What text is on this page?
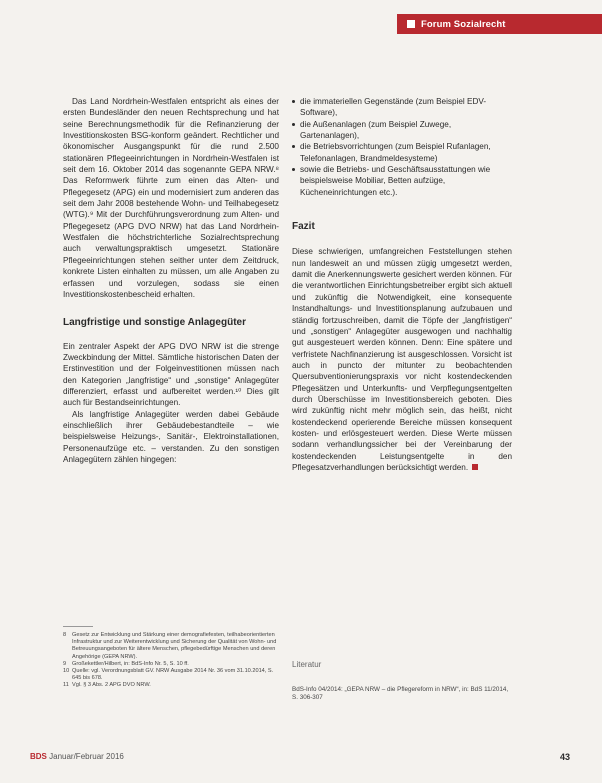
Forum Sozialrecht

Das Land Nordrhein-Westfalen entspricht als eines der ersten Bundesländer den neuen Rechtsprechung und hat seine Berechnungsmethodik für die Refinanzierung der Investitionskosten BSG-konform geändert. Rechtlicher und ökonomischer Ausgangspunkt für die rund 2.500 stationären Pflegeeinrichtungen in Nordrhein-Westfalen ist seit dem 16. Oktober 2014 das sogenannte GEPA NRW.⁸ Das Reformwerk führte zum einen das Alten- und Pflegegesetz (APG) ein und modernisiert zum anderen das seit dem Jahr 2008 bestehende Wohn- und Teilhabegesetz (WTG).⁹ Mit der Durchführungsverordnung zum Alten- und Pflegegesetz (APG DVO NRW) hat das Land Nordrhein-Westfalen die höchstrichterliche Sozialrechtsprechung auch verwaltungspraktisch umgesetzt. Stationäre Pflegeeinrichtungen stehen seither unter dem Zeitdruck, konkrete Listen einhalten zu müssen, um alle Angaben zu erfassen und vorzulegen, sodass sie einen Investitionskostenbescheid erhalten.

Langfristige und sonstige Anlagegüter

Ein zentraler Aspekt der APG DVO NRW ist die strenge Zweckbindung der Mittel. Sämtliche historischen Daten der Erstinvestition und der Folgeinvestitionen müssen nach den Kategorien „langfristige“ und „sonstige“ Anlagegüter differenziert, erfasst und aufbereitet werden.¹⁰ Dies gilt auch für Bestandseinrichtungen.

Als langfristige Anlagegüter werden dabei Gebäude einschließlich ihrer Gebäudebestandteile – wie beispielsweise Heizungs-, Sanitär-, Elektroinstallationen, Personenaufzüge etc. – verstanden. Zu den sonstigen Anlagegütern zählen hingegen:

die immateriellen Gegenstände (zum Beispiel EDV-Software),
die Außenanlagen (zum Beispiel Zuwege, Gartenanlagen),
die Betriebsvorrichtungen (zum Beispiel Rufanlagen, Telefonanlagen, Brandmeldesysteme)
sowie die Betriebs- und Geschäftsausstattungen wie beispielsweise Mobiliar, Betten aufzüge, Kücheneinrichtungen etc.).
Fazit

Diese schwierigen, umfangreichen Feststellungen stehen nun landesweit an und müssen zügig umgesetzt werden, damit die Anerkennungswerte gesichert werden können. Für die verantwortlichen Einrichtungsbetreiber ergibt sich aktuell und zukünftig die Notwendigkeit, eine konsequente Instandhaltungs- und Investitionsplanung aufzubauen und ständig fortzuschreiben, damit die Töpfe der „langfristigen“ und „sonstigen“ Anlagegüter ausgewogen und nachhaltig gut ausgesteuert werden können. Denn: Eine spätere und verfristete Nachfinanzierung ist ausgeschlossen. Vorsicht ist auch in puncto der mitunter zu beobachtenden Quersubventionierungspraxis vor nicht kostendeckenden Pflegesätzen und Unterkunfts- und Verpflegungsentgelten durch Überschüsse im Investitionsbereich geboten. Dies wird zukünftig nicht mehr möglich sein, das heißt, nicht kostendeckend operierende Bereiche müssen konsequent kosten- und erlösgesteuert werden. Diese Werte müssen sodann verhandlungssicher bei der Vereinbarung der kostendeckenden Leistungsentgelte in den Pflegesatzverhandlungen berücksichtigt werden.

8	Gesetz zur Entwicklung und Stärkung einer demografiefesten, teilhabeorientierten Infrastruktur und zur Weiterentwicklung und Sicherung der Qualität von Wohn- und Betreuungsangeboten für ältere Menschen, pflegebedürftige Menschen und deren Angehörige (GEPA NRW).
9	Großekettler/Hilbert, in: BdS-Info Nr. 5, S. 10 ff.
10 Quelle: vgl. Verordnungsblatt GV. NRW Ausgabe 2014 Nr. 36 vom 31.10.2014, S. 645 bis 678.
11 Vgl. § 3 Abs. 2 APG DVO NRW.
Literatur
BdS-Info 04/2014: „GEPA NRW – die Pflegereform in NRW“, in: BdS 11/2014, S. 306-307
BDS Januar/Februar 2016	43
